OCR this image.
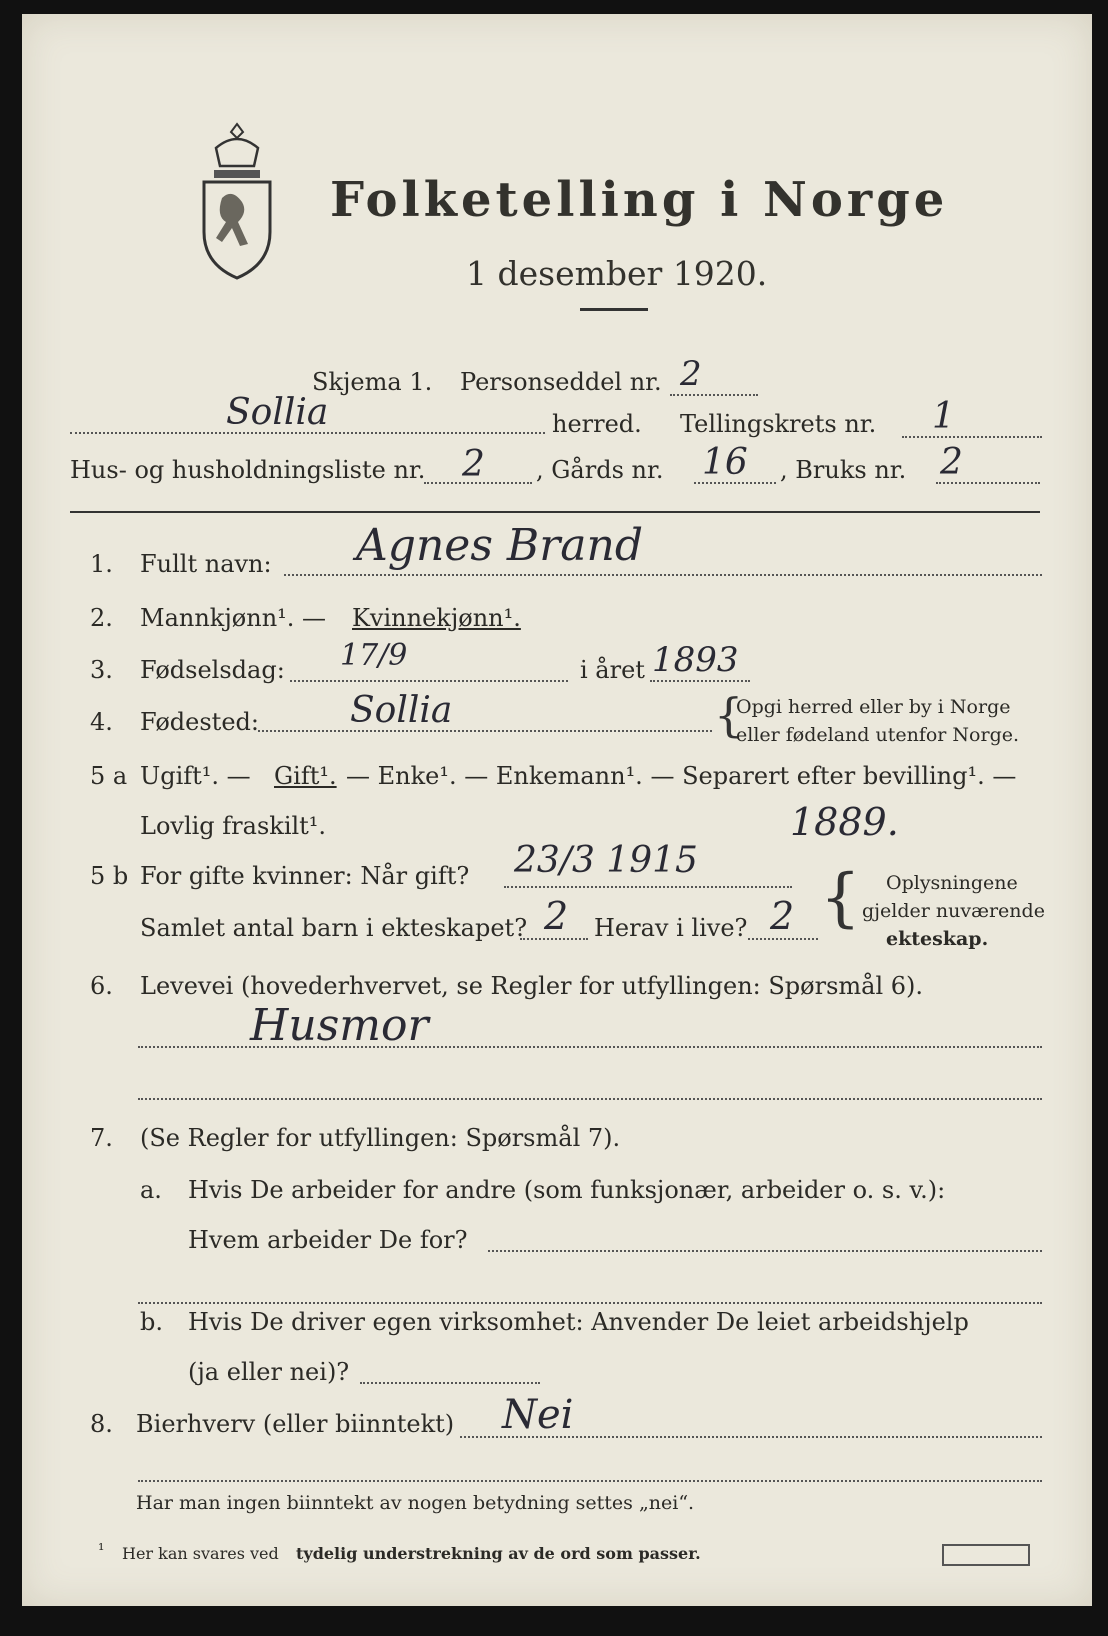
Folketelling i Norge
1 desember 1920.
Skjema 1. Personseddel nr. 2
Sollia	herred. Tellingskrets nr. 1
Hus- og husholdningsliste nr. 2 , Gårds nr. 16 , Bruks nr. 2
1. Fullt navn: Agnes Brand
2. Mannkjønn¹. — Kvinnekjønn¹.
3. Fødselsdag: 17/9	i året 1893
4. Fødested:	Sollia	{
Opgi herred eller by i Norge
eller fødeland utenfor Norge.
5 a Ugift¹. — Gift¹. — Enke¹. — Enkemann¹. — Separert efter bevilling¹. —
Lovlig fraskilt¹.	1889.
5 b For gifte kvinner: Når gift? 23/3 1915
Samlet antal barn i ekteskapet? 2 Herav i live? 2 { Oplysningene
gjelder nuværende
ekteskap.
6. Levevei (hovederhvervet, se Regler for utfyllingen: Spørsmål 6).
Husmor
7. (Se Regler for utfyllingen: Spørsmål 7).
a. Hvis De arbeider for andre (som funksjonær, arbeider o. s. v.):
Hvem arbeider De for?
b. Hvis De driver egen virksomhet: Anvender De leiet arbeidshjelp
(ja eller nei)?
8. Bierhverv (eller biinntekt) Nei
Har man ingen biinntekt av nogen betydning settes „nei“.
¹ Her kan svares ved tydelig understrekning av de ord som passer.
